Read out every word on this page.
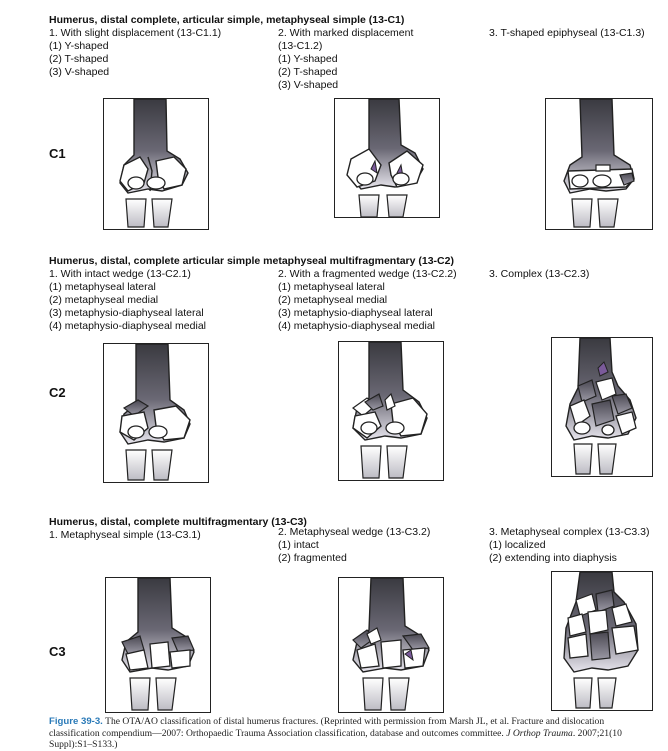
Humerus, distal complete, articular simple, metaphyseal simple (13-C1)
1. With slight displacement (13-C1.1)
(1) Y-shaped
(2) T-shaped
(3) V-shaped
2. With marked displacement
(13-C1.2)
(1) Y-shaped
(2) T-shaped
(3) V-shaped
3. T-shaped epiphyseal (13-C1.3)
C1
Humerus, distal, complete articular simple metaphyseal multifragmentary (13-C2)
1. With intact wedge (13-C2.1)
(1) metaphyseal lateral
(2) metaphyseal medial
(3) metaphysio-diaphyseal lateral
(4) metaphysio-diaphyseal medial
2. With a fragmented wedge (13-C2.2)
(1) metaphyseal lateral
(2) metaphyseal medial
(3) metaphysio-diaphyseal lateral
(4) metaphysio-diaphyseal medial
3. Complex (13-C2.3)
C2
Humerus, distal, complete multifragmentary (13-C3)
1. Metaphyseal simple (13-C3.1)	2. Metaphyseal wedge (13-C3.2)
(1) intact
(2) fragmented
3. Metaphyseal complex (13-C3.3)
(1) localized
(2) extending into diaphysis
C3
Figure 39-3. The OTA/AO classification of distal humerus fractures. (Reprinted with permission from Marsh JL, et al. Fracture and dislocation classification compendium—2007: Orthopaedic Trauma Association classification, database and outcomes committee. J Orthop Trauma. 2007;21(10 Suppl):S1–S133.)
